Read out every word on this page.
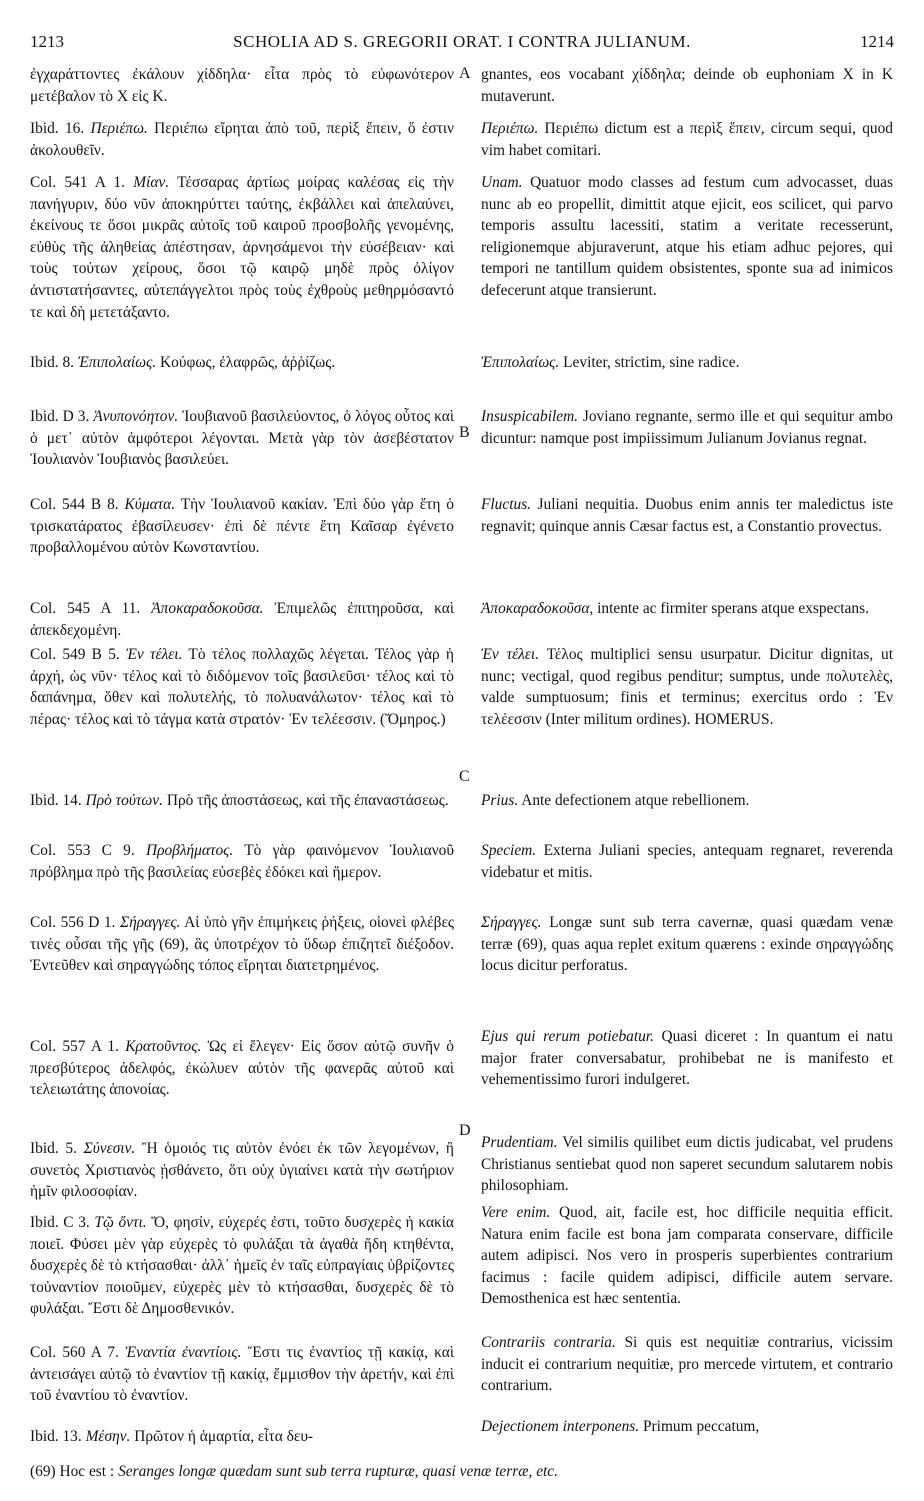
1213	SCHOLIA AD S. GREGORII ORAT. I CONTRA JULIANUM.	1214
A
B
C
D
ἐγχαράττοντες ἐκάλουν χίδδηλα· εἶτα πρὸς τὸ εὐφωνότερον μετέβαλον τὸ Χ εἰς Κ.
Ibid. 16. Περιέπω. Περιέπω εἴρηται ἀπὸ τοῦ, περὶξ ἕπειν, ὅ ἐστιν ἀκολουθεῖν.
Col. 541 A 1. Μίαν. Τέσσαρας ἀρτίως μοίρας καλέσας εἰς τὴν πανήγυριν, δύο νῦν ἀποκηρύττει ταύτης, ἐκβάλλει καὶ ἀπελαύνει, ἐκείνους τε ὅσοι μικρᾶς αὐτοῖς τοῦ καιροῦ προσβολῆς γενομένης, εὐθὺς τῆς ἀληθείας ἀπέστησαν, ἀρνησάμενοι τὴν εὐσέβειαν· καὶ τοὺς τούτων χείρους, ὅσοι τῷ καιρῷ μηδὲ πρὸς ὀλίγον ἀντιστατήσαντες, αὐτεπάγγελτοι πρὸς τοὺς ἐχθροὺς μεθηρμόσαντό τε καὶ δὴ μετετάξαντο.
Ibid. 8. Ἐπιπολαίως. Κούφως, ἐλαφρῶς, ἀῤῥίζως.
Ibid. D 3. Ἀνυπονόητον. Ἰουβιανοῦ βασιλεύοντος, ὁ λόγος οὗτος καὶ ὁ μετ᾽ αὐτὸν ἀμφότεροι λέγονται. Μετὰ γὰρ τὸν ἀσεβέστατον Ἰουλιανὸν Ἰουβιανὸς βασιλεύει.
Col. 544 B 8. Κύματα. Τὴν Ἰουλιανοῦ κακίαν. Ἐπὶ δύο γὰρ ἔτη ὁ τρισκατάρατος ἐβασίλευσεν· ἐπὶ δὲ πέντε ἔτη Καῖσαρ ἐγένετο προβαλλομένου αὐτὸν Κωνσταντίου.
Col. 545 A 11. Ἀποκαραδοκοῦσα. Ἐπιμελῶς ἐπιτηροῦσα, καὶ ἀπεκδεχομένη.
Col. 549 B 5. Ἐν τέλει. Τὸ τέλος πολλαχῶς λέγεται. Τέλος γὰρ ἡ ἀρχή, ὡς νῦν· τέλος καὶ τὸ διδόμενον τοῖς βασιλεῦσι· τέλος καὶ τὸ δαπάνημα, ὅθεν καὶ πολυτελής, τὸ πολυανάλωτον· τέλος καὶ τὸ πέρας· τέλος καὶ τὸ τάγμα κατὰ στρατόν· Ἐν τελέεσσιν. (Ὅμηρος.)
Ibid. 14. Πρὸ τούτων. Πρὸ τῆς ἀποστάσεως, καὶ τῆς ἐπαναστάσεως.
Col. 553 C 9. Προβλήματος. Τὸ γὰρ φαινόμενον Ἰουλιανοῦ πρόβλημα πρὸ τῆς βασιλείας εὐσεβὲς ἐδόκει καὶ ἥμερον.
Col. 556 D 1. Σήραγγες. Αἱ ὑπὸ γῆν ἐπιμήκεις ῥήξεις, οἱονεὶ φλέβες τινὲς οὖσαι τῆς γῆς (69), ἃς ὑποτρέχον τὸ ὕδωρ ἐπιζητεῖ διέξοδον. Ἐντεῦθεν καὶ σηραγγώδης τόπος εἴρηται διατετρημένος.
Col. 557 A 1. Κρατοῦντος. Ὡς εἰ ἔλεγεν· Εἰς ὅσον αὐτῷ συνῆν ὁ πρεσβύτερος ἀδελφός, ἐκώλυεν αὐτὸν τῆς φανερᾶς αὐτοῦ καὶ τελειωτάτης ἀπονοίας.
Ibid. 5. Σύνεσιν. Ἢ ὁμοιός τις αὐτὸν ἐνόει ἐκ τῶν λεγομένων, ἢ συνετὸς Χριστιανὸς ᾐσθάνετο, ὅτι οὐχ ὑγιαίνει κατὰ τὴν σωτήριον ἡμῖν φιλοσοφίαν.
Ibid. C 3. Τῷ ὄντι. Ὅ, φησίν, εὐχερές ἐστι, τοῦτο δυσχερὲς ἡ κακία ποιεῖ. Φύσει μὲν γὰρ εὐχερὲς τὸ φυλάξαι τὰ ἀγαθὰ ἤδη κτηθέντα, δυσχερὲς δὲ τὸ κτήσασθαι· ἀλλ᾽ ἡμεῖς ἐν ταῖς εὐπραγίαις ὑβρίζοντες τοὐναντίον ποιοῦμεν, εὐχερὲς μὲν τὸ κτήσασθαι, δυσχερὲς δὲ τὸ φυλάξαι. Ἔστι δὲ Δημοσθενικόν.
Col. 560 A 7. Ἐναντία ἐναντίοις. Ἔστι τις ἐναντίος τῇ κακίᾳ, καὶ ἀντεισάγει αὐτῷ τὸ ἐναντίον τῇ κακίᾳ, ἔμμισθον τὴν ἀρετήν, καὶ ἐπὶ τοῦ ἐναντίου τὸ ἐναντίον.
Ibid. 13. Μέσην. Πρῶτον ἡ ἁμαρτία, εἶτα δευ-
gnantes, eos vocabant χίδδηλα; deinde ob euphoniam X in K mutaverunt.
Περιέπω. Περιέπω dictum est a περὶξ ἕπειν, circum sequi, quod vim habet comitari.
Unam. Quatuor modo classes ad festum cum advocasset, duas nunc ab eo propellit, dimittit atque ejicit, eos scilicet, qui parvo temporis assultu lacessiti, statim a veritate recesserunt, religionemque abjuraverunt, atque his etiam adhuc pejores, qui tempori ne tantillum quidem obsistentes, sponte sua ad inimicos defecerunt atque transierunt.
Ἐπιπολαίως. Leviter, strictim, sine radice.
Insuspicabilem. Joviano regnante, sermo ille et qui sequitur ambo dicuntur: namque post impiissimum Julianum Jovianus regnat.
Fluctus. Juliani nequitia. Duobus enim annis ter maledictus iste regnavit; quinque annis Cæsar factus est, a Constantio provectus.
Ἀποκαραδοκοῦσα, intente ac firmiter sperans atque exspectans.
Ἐν τέλει. Τέλος multiplici sensu usurpatur. Dicitur dignitas, ut nunc; vectigal, quod regibus penditur; sumptus, unde πολυτελὲς, valde sumptuosum; finis et terminus; exercitus ordo : Ἐν τελέεσσιν (Inter militum ordines). HOMERUS.
Prius. Ante defectionem atque rebellionem.
Speciem. Externa Juliani species, antequam regnaret, reverenda videbatur et mitis.
Σήραγγες. Longæ sunt sub terra cavernæ, quasi quædam venæ terræ (69), quas aqua replet exitum quærens : exinde σηραγγώδης locus dicitur perforatus.
Ejus qui rerum potiebatur. Quasi diceret : In quantum ei natu major frater conversabatur, prohibebat ne is manifesto et vehementissimo furori indulgeret.
Prudentiam. Vel similis quilibet eum dictis judicabat, vel prudens Christianus sentiebat quod non saperet secundum salutarem nobis philosophiam.
Vere enim. Quod, ait, facile est, hoc difficile nequitia efficit. Natura enim facile est bona jam comparata conservare, difficile autem adipisci. Nos vero in prosperis superbientes contrarium facimus : facile quidem adipisci, difficile autem servare. Demosthenica est hæc sententia.
Contrariis contraria. Si quis est nequitiæ contrarius, vicissim inducit ei contrarium nequitiæ, pro mercede virtutem, et contrario contrarium.
Dejectionem interponens. Primum peccatum,
(69) Hoc est : Seranges longæ quædam sunt sub terra rupturæ, quasi venæ terræ, etc.
